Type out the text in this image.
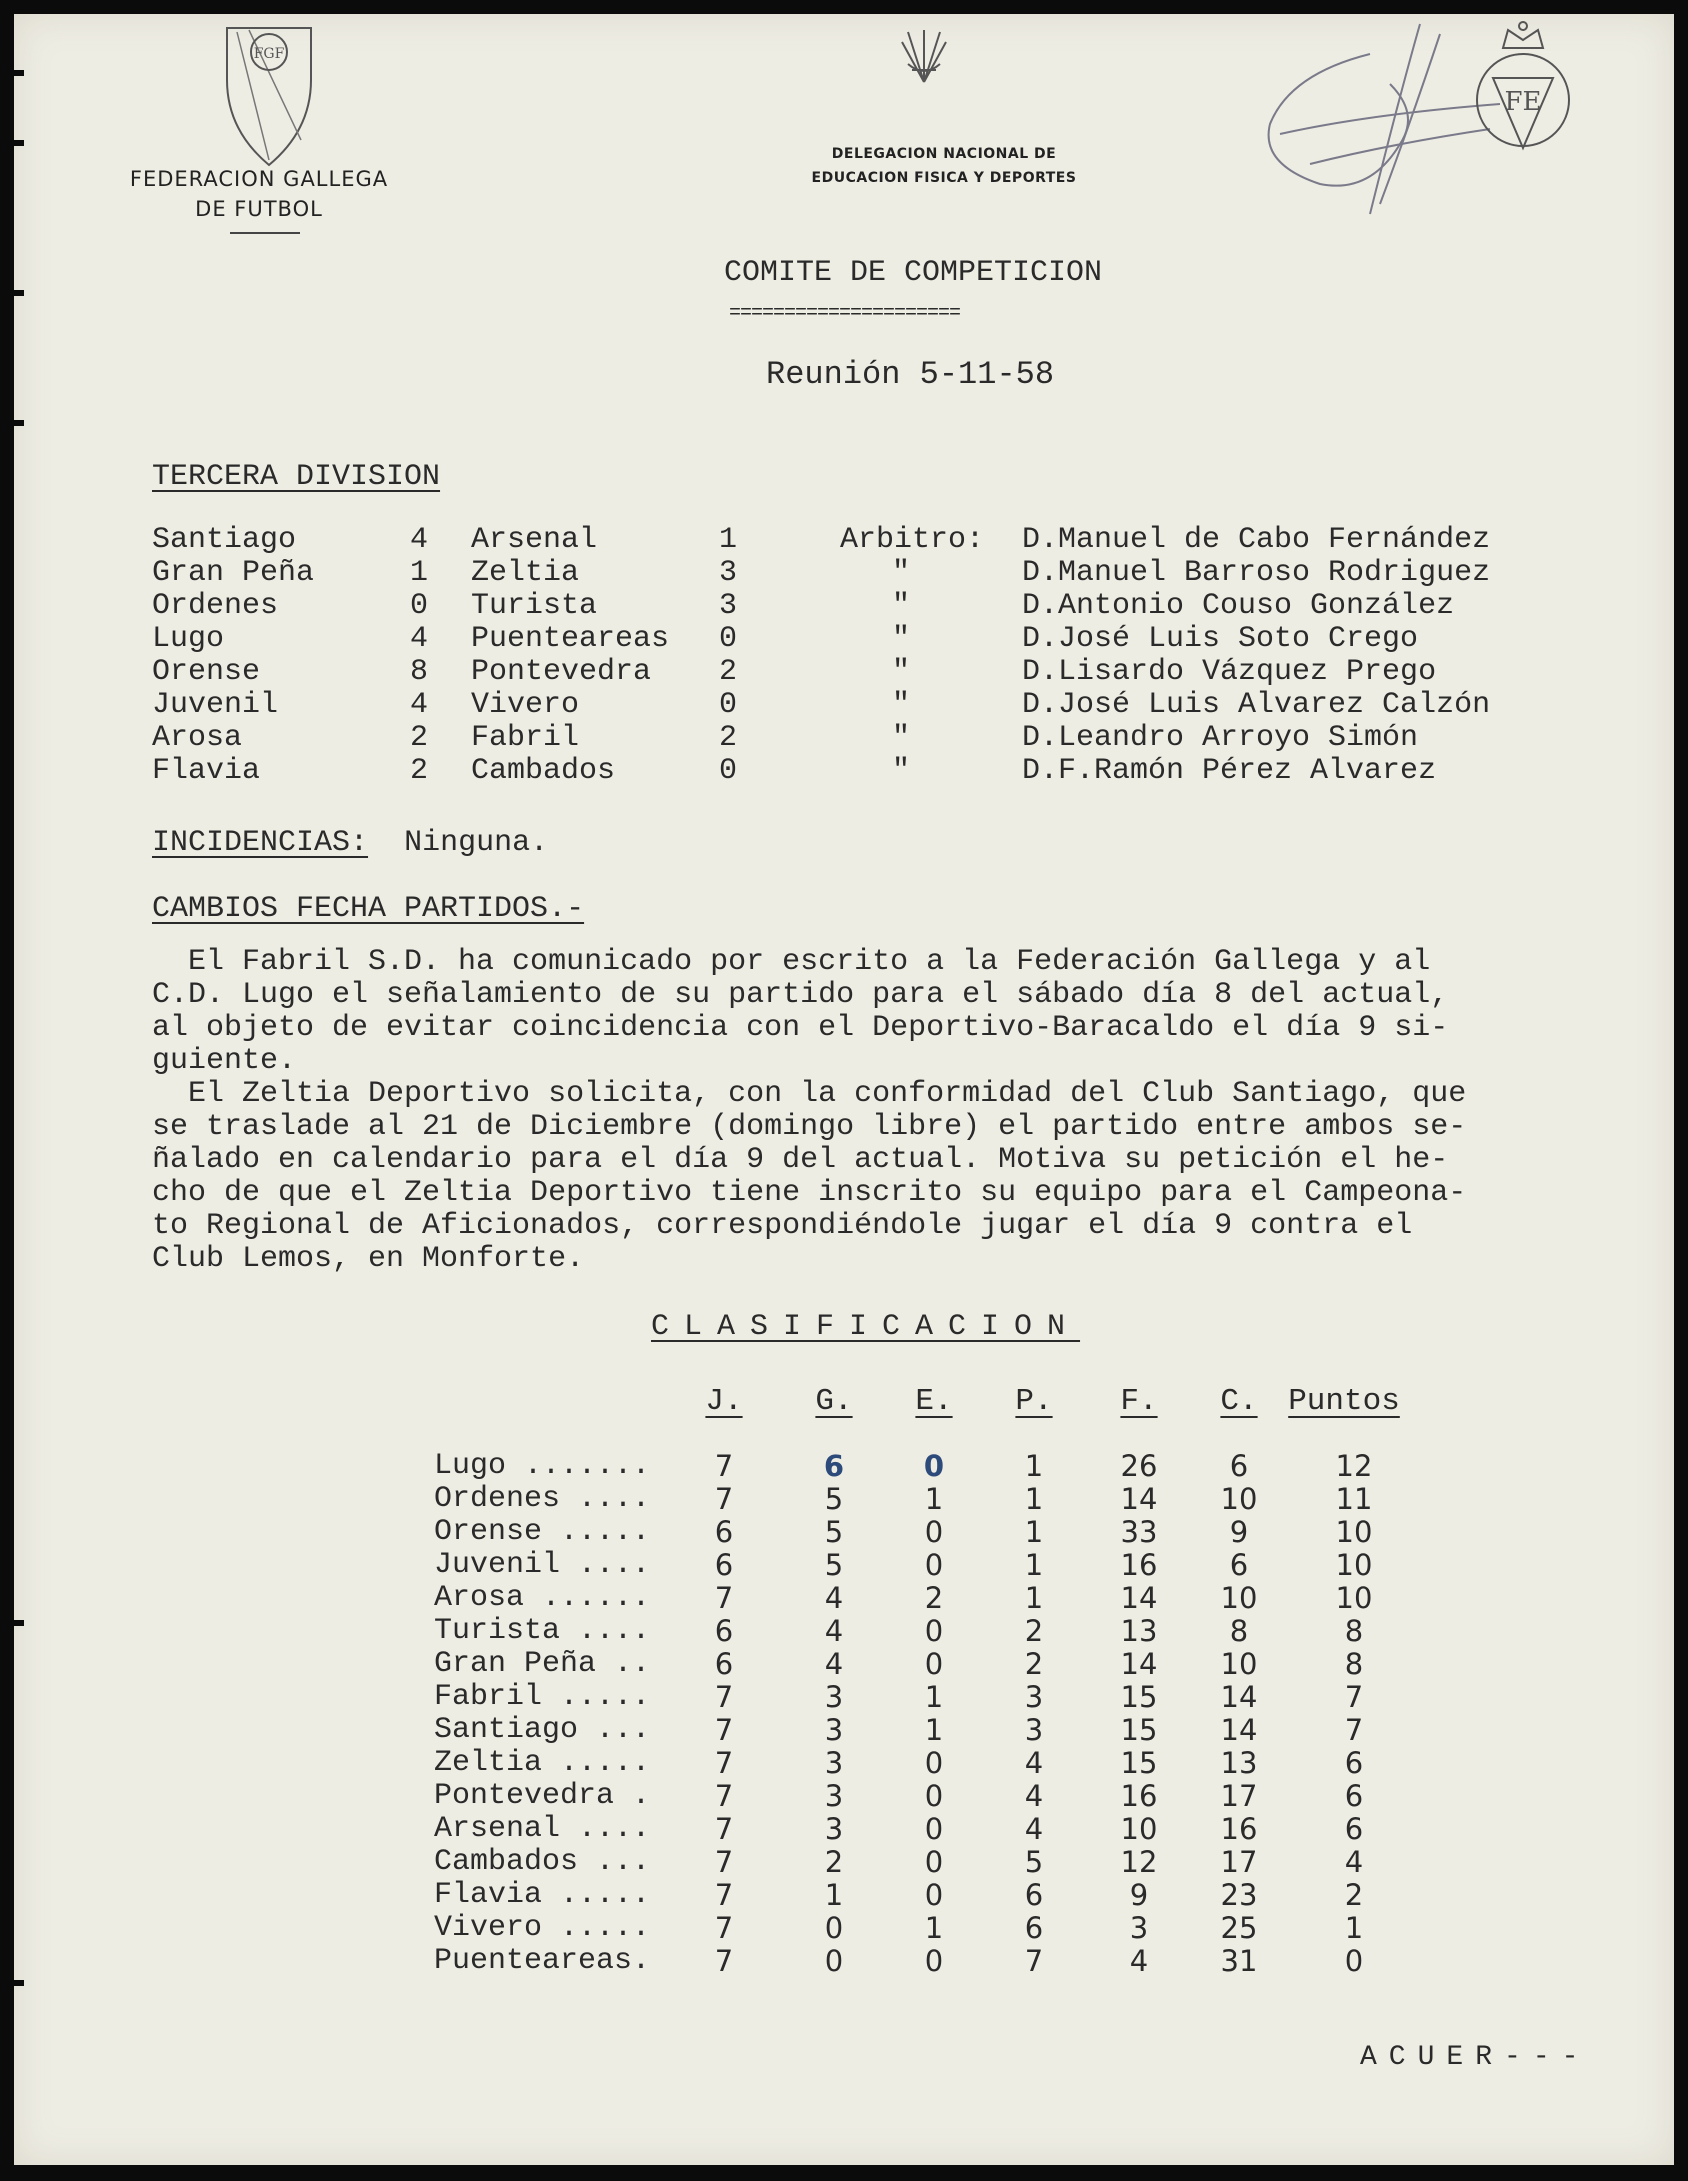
FGF
FEDERACION GALLEGA
DE FUTBOL
DELEGACION NACIONAL DE
EDUCACION FISICA Y DEPORTES
FE
COMITE DE COMPETICION
=====================
Reunión 5-11-58
TERCERA DIVISION
Santiago	4 Arsenal	1	Arbitro: D.Manuel de Cabo Fernández
Gran Peña	1 Zeltia	3	"	D.Manuel Barroso Rodriguez
Ordenes	0 Turista	3	"	D.Antonio Couso González
Lugo	4 Puenteareas 0	"	D.José Luis Soto Crego
Orense	8 Pontevedra 2	"	D.Lisardo Vázquez Prego
Juvenil	4 Vivero	0	"	D.José Luis Alvarez Calzón
Arosa	2 Fabril	2	"	D.Leandro Arroyo Simón
Flavia	2 Cambados	0	"	D.F.Ramón Pérez Alvarez
INCIDENCIAS: Ninguna.
CAMBIOS FECHA PARTIDOS.-
El Fabril S.D. ha comunicado por escrito a la Federación Gallega y al
C.D. Lugo el señalamiento de su partido para el sábado día 8 del actual,
al objeto de evitar coincidencia con el Deportivo-Baracaldo el día 9 si-
guiente.
El Zeltia Deportivo solicita, con la conformidad del Club Santiago, que
se traslade al 21 de Diciembre (domingo libre) el partido entre ambos se-
ñalado en calendario para el día 9 del actual. Motiva su petición el he-
cho de que el Zeltia Deportivo tiene inscrito su equipo para el Campeona-
to Regional de Aficionados, correspondiéndole jugar el día 9 contra el
Club Lemos, en Monforte.
CLASIFICACION
J.	G.	E.	P.	F.	C. Puntos
Lugo .......	7	6	0	1	26	6	12
Ordenes ....	7	5	1	1	14	10	11
Orense .....	6	5	0	1	33	9	10
Juvenil ....	6	5	0	1	16	6	10
Arosa ......	7	4	2	1	14	10	10
Turista ....	6	4	0	2	13	8	8
Gran Peña ..	6	4	0	2	14	10	8
Fabril .....	7	3	1	3	15	14	7
Santiago ...	7	3	1	3	15	14	7
Zeltia .....	7	3	0	4	15	13	6
Pontevedra .	7	3	0	4	16	17	6
Arsenal ....	7	3	0	4	10	16	6
Cambados ...	7	2	0	5	12	17	4
Flavia .....	7	1	0	6	9	23	2
Vivero .....	7	0	1	6	3	25	1
Puenteareas.	7	0	0	7	4	31	0
ACUER---
